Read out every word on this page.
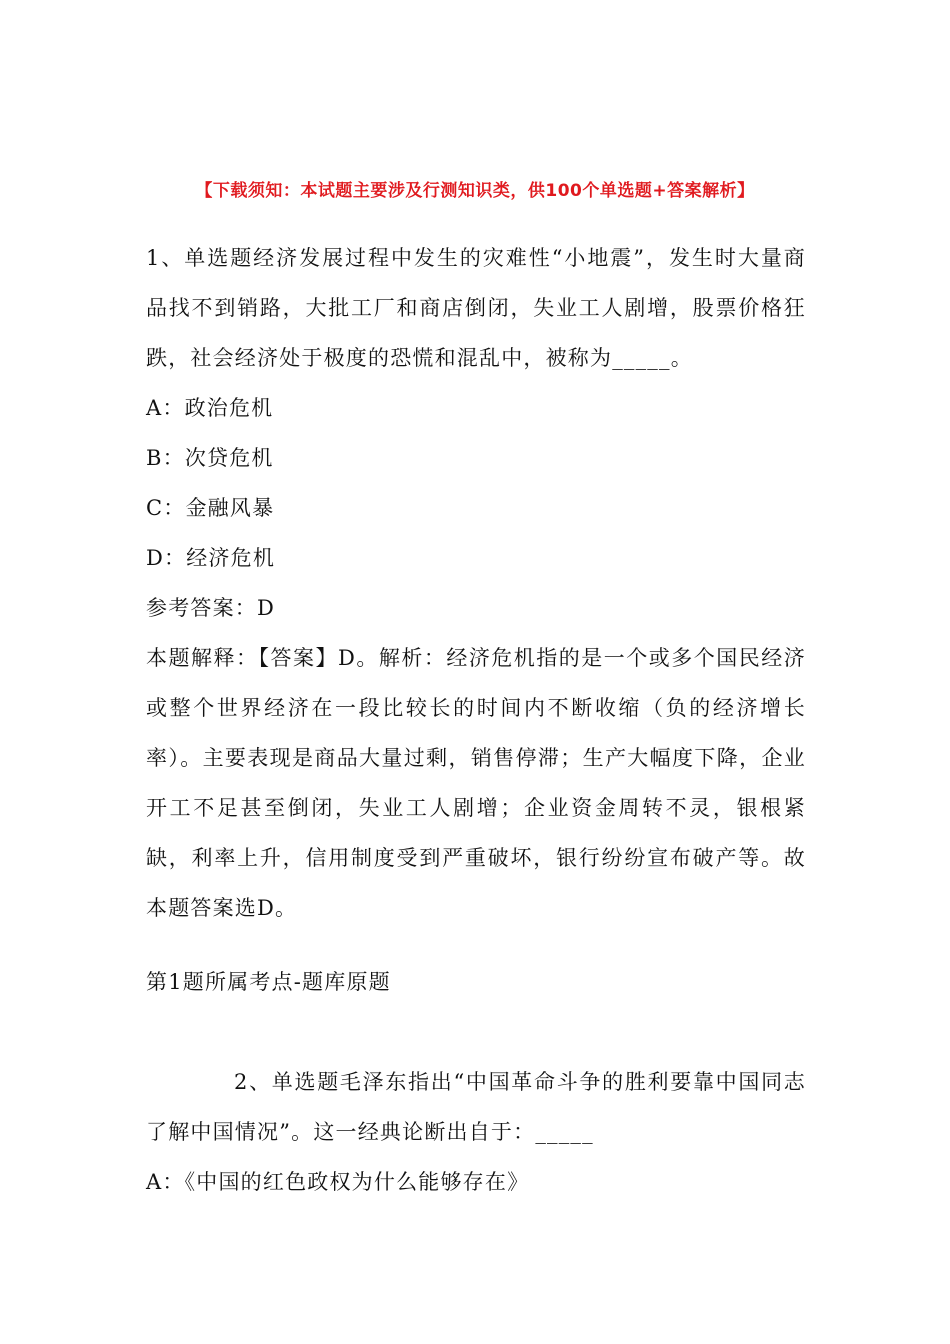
【下载须知：本试题主要涉及行测知识类，供100个单选题+答案解析】

1、单选题经济发展过程中发生的灾难性“小地震”，发生时大量商品找不到销路，大批工厂和商店倒闭，失业工人剧增，股票价格狂跌，社会经济处于极度的恐慌和混乱中，被称为_____。

A：政治危机

B：次贷危机

C：金融风暴

D：经济危机

参考答案：D

本题解释：【答案】D。解析：经济危机指的是一个或多个国民经济或整个世界经济在一段比较长的时间内不断收缩（负的经济增长率）。主要表现是商品大量过剩，销售停滞；生产大幅度下降，企业开工不足甚至倒闭，失业工人剧增；企业资金周转不灵，银根紧缺，利率上升，信用制度受到严重破坏，银行纷纷宣布破产等。故本题答案选D。

第1题所属考点-题库原题

2、单选题毛泽东指出“中国革命斗争的胜利要靠中国同志了解中国情况”。这一经典论断出自于：_____

A：《中国的红色政权为什么能够存在》
